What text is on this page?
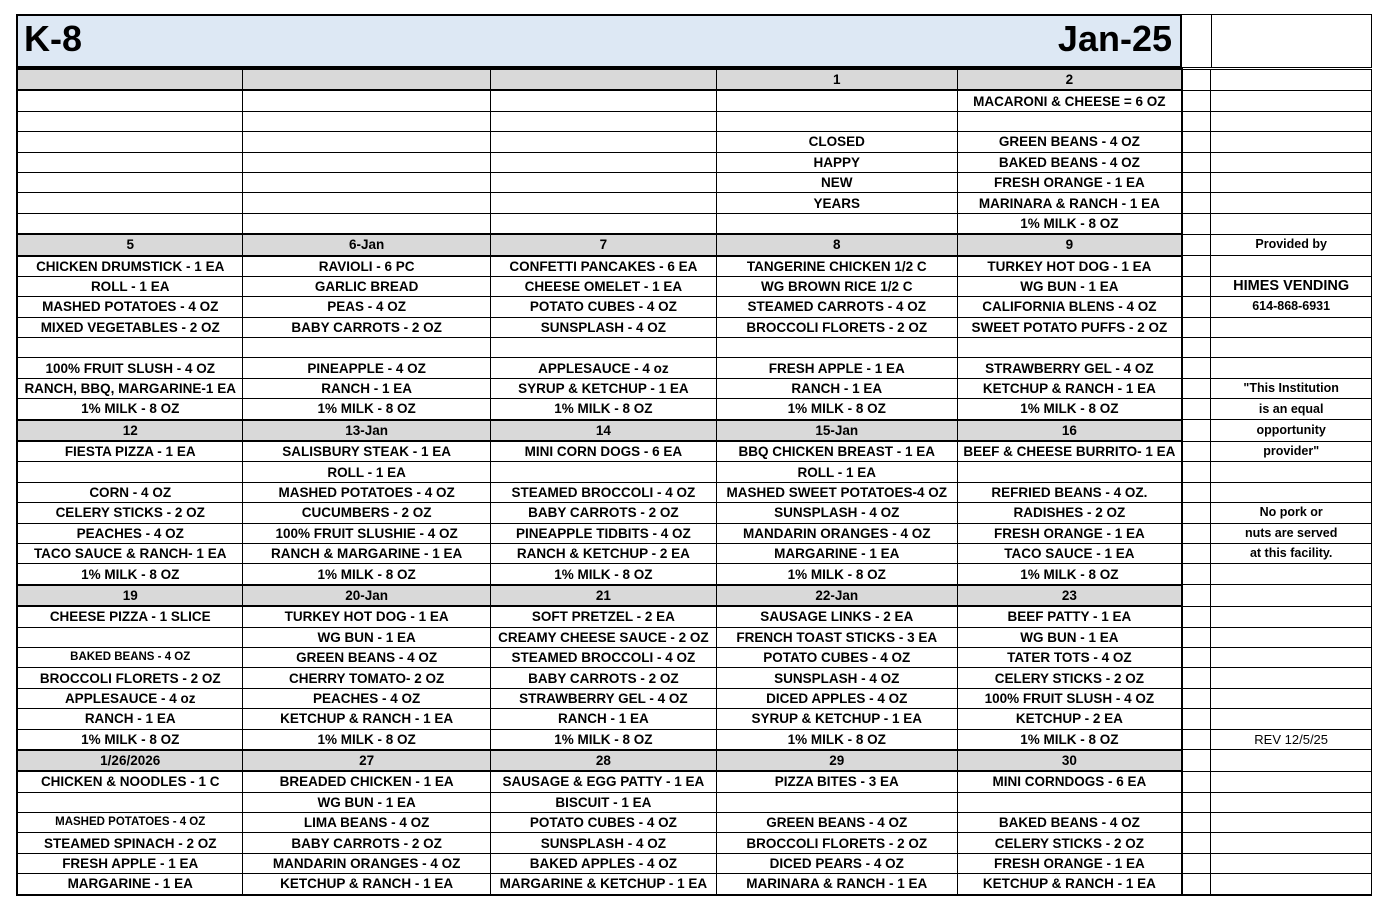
K-8	Jan-25
			1	2		
				MACARONI & CHEESE = 6 OZ		

			CLOSED	GREEN BEANS - 4 OZ		
			HAPPY	BAKED BEANS - 4 OZ		
			NEW	FRESH ORANGE - 1 EA		
			YEARS	MARINARA & RANCH - 1 EA		
				1% MILK - 8 OZ		
5	6-Jan	7	8	9		Provided by
CHICKEN DRUMSTICK - 1 EA	RAVIOLI - 6 PC	CONFETTI PANCAKES - 6 EA	TANGERINE CHICKEN 1/2 C	TURKEY HOT DOG - 1 EA		
ROLL - 1 EA	GARLIC BREAD	CHEESE OMELET - 1 EA	WG BROWN RICE 1/2 C	WG BUN - 1 EA		HIMES VENDING
MASHED POTATOES - 4 OZ	PEAS - 4 OZ	POTATO CUBES - 4 OZ	STEAMED CARROTS - 4 OZ	CALIFORNIA BLENS - 4 OZ		614-868-6931
MIXED VEGETABLES - 2 OZ	BABY CARROTS - 2 OZ	SUNSPLASH - 4 OZ	BROCCOLI FLORETS - 2 OZ	SWEET POTATO PUFFS - 2 OZ		

100% FRUIT SLUSH - 4 OZ	PINEAPPLE - 4 OZ	APPLESAUCE - 4 oz	FRESH APPLE - 1 EA	STRAWBERRY GEL - 4 OZ		
RANCH, BBQ, MARGARINE-1 EA	RANCH - 1 EA	SYRUP & KETCHUP - 1 EA	RANCH - 1 EA	KETCHUP & RANCH - 1 EA		"This Institution
1% MILK - 8 OZ	1% MILK - 8 OZ	1% MILK - 8 OZ	1% MILK - 8 OZ	1% MILK - 8 OZ		is an equal
12	13-Jan	14	15-Jan	16		opportunity
FIESTA PIZZA - 1 EA	SALISBURY STEAK - 1 EA	MINI CORN DOGS - 6 EA	BBQ CHICKEN BREAST - 1 EA	BEEF & CHEESE BURRITO- 1 EA		provider"
	ROLL - 1 EA		ROLL - 1 EA			
CORN - 4 OZ	MASHED POTATOES - 4 OZ	STEAMED BROCCOLI - 4 OZ	MASHED SWEET POTATOES-4 OZ	REFRIED BEANS - 4 OZ.		
CELERY STICKS - 2 OZ	CUCUMBERS - 2 OZ	BABY CARROTS - 2 OZ	SUNSPLASH - 4 OZ	RADISHES - 2 OZ		No pork or
PEACHES - 4 OZ	100% FRUIT SLUSHIE - 4 OZ	PINEAPPLE TIDBITS - 4 OZ	MANDARIN ORANGES - 4 OZ	FRESH ORANGE - 1 EA		nuts are served
TACO SAUCE & RANCH- 1 EA	RANCH & MARGARINE - 1 EA	RANCH & KETCHUP - 2 EA	MARGARINE - 1 EA	TACO SAUCE - 1 EA		at this facility.
1% MILK - 8 OZ	1% MILK - 8 OZ	1% MILK - 8 OZ	1% MILK - 8 OZ	1% MILK - 8 OZ		
19	20-Jan	21	22-Jan	23		
CHEESE PIZZA - 1 SLICE	TURKEY HOT DOG - 1 EA	SOFT PRETZEL - 2 EA	SAUSAGE LINKS - 2 EA	BEEF PATTY - 1 EA		
	WG BUN - 1 EA	CREAMY CHEESE SAUCE - 2 OZ	FRENCH TOAST STICKS - 3 EA	WG BUN - 1 EA		
BAKED BEANS - 4 OZ	GREEN BEANS - 4 OZ	STEAMED BROCCOLI - 4 OZ	POTATO CUBES - 4 OZ	TATER TOTS - 4 OZ		
BROCCOLI FLORETS - 2 OZ	CHERRY TOMATO- 2 OZ	BABY CARROTS - 2 OZ	SUNSPLASH - 4 OZ	CELERY STICKS - 2 OZ		
APPLESAUCE - 4 oz	PEACHES - 4 OZ	STRAWBERRY GEL - 4 OZ	DICED APPLES - 4 OZ	100% FRUIT SLUSH - 4 OZ		
RANCH - 1 EA	KETCHUP & RANCH - 1 EA	RANCH - 1 EA	SYRUP & KETCHUP - 1 EA	KETCHUP - 2 EA		
1% MILK - 8 OZ	1% MILK - 8 OZ	1% MILK - 8 OZ	1% MILK - 8 OZ	1% MILK - 8 OZ		REV 12/5/25
1/26/2026	27	28	29	30		
CHICKEN & NOODLES - 1 C	BREADED CHICKEN - 1 EA	SAUSAGE & EGG PATTY - 1 EA	PIZZA BITES - 3 EA	MINI CORNDOGS - 6 EA		
	WG BUN - 1 EA	BISCUIT - 1 EA				
MASHED POTATOES - 4 OZ	LIMA BEANS - 4 OZ	POTATO CUBES - 4 OZ	GREEN BEANS - 4 OZ	BAKED BEANS - 4 OZ		
STEAMED SPINACH - 2 OZ	BABY CARROTS - 2 OZ	SUNSPLASH - 4 OZ	BROCCOLI FLORETS - 2 OZ	CELERY STICKS - 2 OZ		
FRESH APPLE - 1 EA	MANDARIN ORANGES - 4 OZ	BAKED APPLES - 4 OZ	DICED PEARS - 4 OZ	FRESH ORANGE - 1 EA		
MARGARINE - 1 EA	KETCHUP & RANCH - 1 EA	MARGARINE & KETCHUP - 1 EA	MARINARA & RANCH - 1 EA	KETCHUP & RANCH - 1 EA		
